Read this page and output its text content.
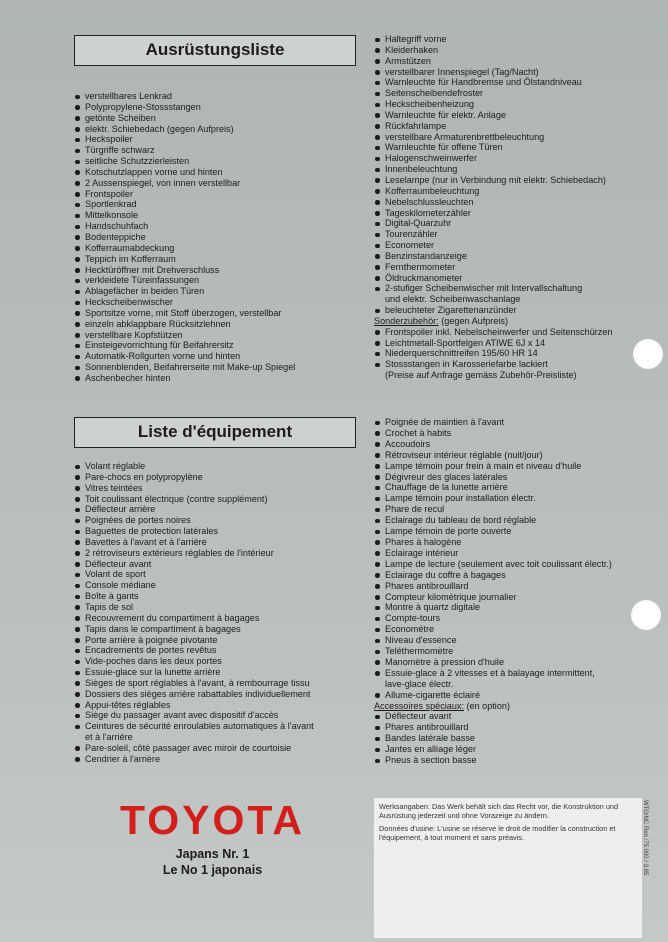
Ausrüstungsliste
verstellbares Lenkrad
Polypropylene-Stossstangen
getönte Scheiben
elektr. Schiebedach (gegen Aufpreis)
Heckspoiler
Türgriffe schwarz
seitliche Schutzzierleisten
Kotschutzlappen vorne und hinten
2 Aussenspiegel, von innen verstellbar
Frontspoiler
Sportlenkrad
Mittelkonsole
Handschuhfach
Bodenteppiche
Kofferraumabdeckung
Teppich im Kofferraum
Hecktüröffner mit Drehverschluss
verkleidete Türeinfassungen
Ablagefächer in beiden Türen
Heckscheibenwischer
Sportsitze vorne, mit Stoff überzogen, verstellbar
einzeln abklappbare Rücksitzlehnen
verstellbare Kopfstützen
Einsteigevorrichtung für Beifahrersitz
Automatik-Rollgurten vorne und hinten
Sonnenblenden, Beifahrerseite mit Make-up Spiegel
Aschenbecher hinten
Haltegriff vorne
Kleiderhaken
Armstützen
verstellbarer Innenspiegel (Tag/Nacht)
Warnleuchte für Handbremse und Ölstandniveau
Seitenscheibendefroster
Heckscheibenheizung
Warnleuchte für elektr. Anlage
Rückfahrlampe
verstellbare Armaturenbrettbeleuchtung
Warnleuchte für offene Türen
Halogenschweinwerfer
Innenbeleuchtung
Leselampe (nur in Verbindung mit elektr. Schiebedach)
Kofferraumbeleuchtung
Nebelschlussleuchten
Tageskilometerzähler
Digital-Quarzuhr
Tourenzähler
Econometer
Benzinstandanzeige
Fernthermometer
Öldruckmanometer
2-stufiger Scheibenwischer mit Intervallschaltung
und elektr. Scheibenwaschanlage
beleuchteter Zigarettenanzünder
Sonderzubehör: (gegen Aufpreis)
Frontspoiler inkl. Nebelscheinwerfer und Seitenschürzen
Leichtmetall-Sportfelgen ATIWE 6J x 14
Niederquerschnittreifen 195/60 HR 14
Stossstangen in Karosseriefarbe lackiert
(Preise auf Anfrage gemäss Zubehör-Preisliste)
Liste d'équipement
Volant réglable
Pare-chocs en polypropylène
Vitres teintées
Toit coulissant électrique (contre supplément)
Déflecteur arrière
Poignées de portes noires
Baguettes de protection latérales
Bavettes à l'avant et à l'arrière
2 rétroviseurs extérieurs réglables de l'intérieur
Déflecteur avant
Volant de sport
Console médiane
Boîte à gants
Tapis de sol
Recouvrement du compartiment à bagages
Tapis dans le compartiment à bagages
Porte arrière à poignée pivotante
Encadrements de portes revêtus
Vide-poches dans les deux portes
Essuie-glace sur la lunette arrière
Sièges de sport réglables à l'avant, à rembourrage tissu
Dossiers des sièges arrière rabattables individuellement
Appui-têtes réglables
Siège du passager avant avec dispositif d'accès
Ceintures de sécurité enroulables automatiques à l'avant
et à l'arrière
Pare-soleil, côté passager avec miroir de courtoisie
Cendrier à l'arrière
Poignée de maintien à l'avant
Crochet à habits
Accoudoirs
Rétroviseur intérieur réglable (nuit/jour)
Lampe témoin pour frein à main et niveau d'huile
Dégivreur des glaces latérales
Chauffage de la lunette arrière
Lampe témoin pour installation électr.
Phare de recul
Eclairage du tableau de bord réglable
Lampe témoin de porte ouverte
Phares à halogène
Eclairage intérieur
Lampe de lecture (seulement avec toit coulissant électr.)
Eclairage du coffre à bagages
Phares antibrouillard
Compteur kilométrique journalier
Montre à quartz digitale
Compte-tours
Econométre
Niveau d'essence
Teléthermomètre
Manomètre à pression d'huile
Essuie-glace à 2 vitesses et à balayage intermittent,
lave-glace électr.
Allume-cigarette éclairé
Accessoires spéciaux: (en option)
Déflecteur avant
Phares antibrouillard
Bandes latérale basse
Jantes en alliage léger
Pneus à section basse
TOYOTA
Japans Nr. 1
Le No 1 japonais

Werksangaben: Das Werk behält sich das Recht vor, die Konstruktion und Ausrüstung jederzeit und ohne Vorazeige zu ändern.

Données d'usine: L'usine se réserve le droit de modifier la construction et l'équipement, à tout moment et sans préavis.	WTO/NC Ren /75 000 / 3.85
